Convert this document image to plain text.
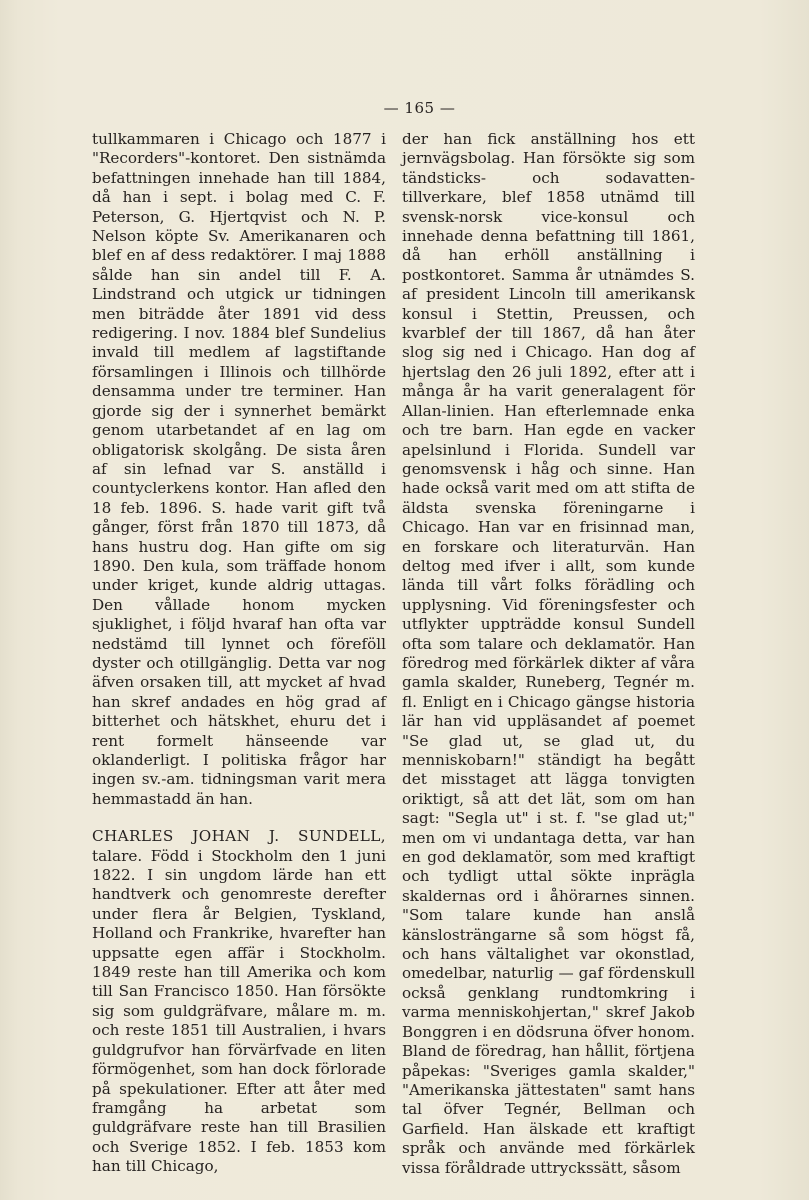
— 165 —

tullkammaren i Chicago och 1877 i "Recorders"-kontoret. Den sistnämda befattningen innehade han till 1884, då han i sept. i bolag med C. F. Peterson, G. Hjertqvist och N. P. Nelson köpte Sv. Amerikanaren och blef en af dess redaktörer. I maj 1888 sålde han sin andel till F. A. Lindstrand och utgick ur tidningen men biträdde åter 1891 vid dess redigering. I nov. 1884 blef Sundelius invald till medlem af lagstiftande församlingen i Illinois och tillhörde densamma under tre terminer. Han gjorde sig der i synnerhet bemärkt genom utarbetandet af en lag om obligatorisk skolgång. De sista åren af sin lefnad var S. anställd i countyclerkens kontor. Han afled den 18 feb. 1896. S. hade varit gift två gånger, först från 1870 till 1873, då hans hustru dog. Han gifte om sig 1890. Den kula, som träffade honom under kriget, kunde aldrig uttagas. Den vållade honom mycken sjuklighet, i följd hvaraf han ofta var nedstämd till lynnet och föreföll dyster och otillgänglig. Detta var nog äfven orsaken till, att mycket af hvad han skref andades en hög grad af bitterhet och hätskhet, ehuru det i rent formelt hänseende var oklanderligt. I politiska frågor har ingen sv.-am. tidningsman varit mera hemmastadd än han.

CHARLES JOHAN J. SUNDELL, talare. Född i Stockholm den 1 juni 1822. I sin ungdom lärde han ett handtverk och genomreste derefter under flera år Belgien, Tyskland, Holland och Frankrike, hvarefter han uppsatte egen affär i Stockholm. 1849 reste han till Amerika och kom till San Francisco 1850. Han försökte sig som guldgräfvare, målare m. m. och reste 1851 till Australien, i hvars guldgrufvor han förvärfvade en liten förmögenhet, som han dock förlorade på spekulationer. Efter att åter med framgång ha arbetat som guldgräfvare reste han till Brasilien och Sverige 1852. I feb. 1853 kom han till Chicago,

der han fick anställning hos ett jernvägsbolag. Han försökte sig som tändsticks- och sodavatten-tillverkare, blef 1858 utnämd till svensk-norsk vice-konsul och innehade denna befattning till 1861, då han erhöll anställning i postkontoret. Samma år utnämdes S. af president Lincoln till amerikansk konsul i Stettin, Preussen, och kvarblef der till 1867, då han åter slog sig ned i Chicago. Han dog af hjertslag den 26 juli 1892, efter att i många år ha varit generalagent för Allan-linien. Han efterlemnade enka och tre barn. Han egde en vacker apelsinlund i Florida. Sundell var genomsvensk i håg och sinne. Han hade också varit med om att stifta de äldsta svenska föreningarne i Chicago. Han var en frisinnad man, en forskare och literaturvän. Han deltog med ifver i allt, som kunde lända till vårt folks förädling och upplysning. Vid föreningsfester och utflykter uppträdde konsul Sundell ofta som talare och deklamatör. Han föredrog med förkärlek dikter af våra gamla skalder, Runeberg, Tegnér m. fl. Enligt en i Chicago gängse historia lär han vid uppläsandet af poemet "Se glad ut, se glad ut, du menniskobarn!" ständigt ha begått det misstaget att lägga tonvigten oriktigt, så att det lät, som om han sagt: "Segla ut" i st. f. "se glad ut;" men om vi undantaga detta, var han en god deklamatör, som med kraftigt och tydligt uttal sökte inprägla skaldernas ord i åhörarnes sinnen. "Som talare kunde han anslå känslosträngarne så som högst få, och hans vältalighet var okonstlad, omedelbar, naturlig — gaf fördenskull också genklang rundtomkring i varma menniskohjertan," skref Jakob Bonggren i en dödsruna öfver honom. Bland de föredrag, han hållit, förtjena påpekas: "Sveriges gamla skalder," "Amerikanska jättestaten" samt hans tal öfver Tegnér, Bellman och Garfield. Han älskade ett kraftigt språk och använde med förkärlek vissa föråldrade uttryckssätt, såsom
